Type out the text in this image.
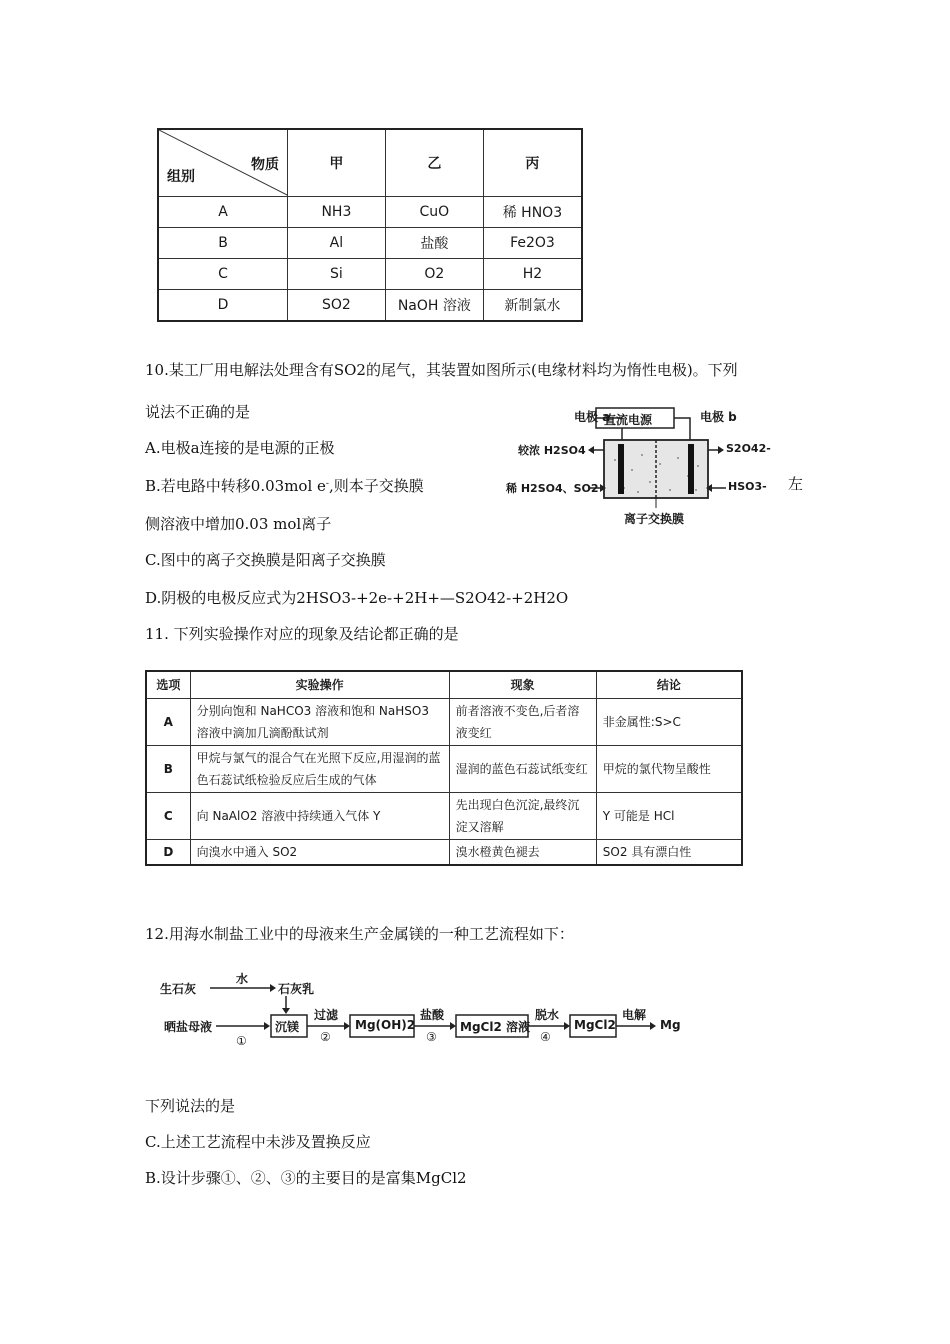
组别
物质	甲	乙	丙
A	NH3	CuO	稀 HNO3
B	Al	盐酸	Fe2O3
C	Si	O2	H2
D	SO2	NaOH 溶液	新制氯水
10.某工厂用电解法处理含有SO2的尾气，其装置如图所示(电缘材料均为惰性电极)。下列
说法不正确的是
A.电极a连接的是电源的正极
B.若电路中转移0.03mol e-,则本子交换膜	左
侧溶液中增加0.03 mol离子
C.图中的离子交换膜是阳离子交换膜
D.阴极的电极反应式为2HSO3-+2e-+2H+—S2O42-+2H2O
电极 a
直流电源	电极 b
较浓 H2SO4
稀 H2SO4、SO2
S2O42-
HSO3-
离子交换膜
11. 下列实验操作对应的现象及结论都正确的是
选项	实验操作	现象	结论
A	分别向饱和 NaHCO3 溶液和饱和 NaHSO3 溶液中滴加几滴酚酞试剂	前者溶液不变色,后者溶液变红	非金属性:S>C
B	甲烷与氯气的混合气在光照下反应,用湿润的蓝色石蕊试纸检验反应后生成的气体	湿润的蓝色石蕊试纸变红	甲烷的氯代物呈酸性
C	向 NaAlO2 溶液中持续通入气体 Y	先出现白色沉淀,最终沉淀又溶解	Y 可能是 HCl
D	向溴水中通入 SO2	溴水橙黄色褪去	SO2 具有漂白性
12.用海水制盐工业中的母液来生产金属镁的一种工艺流程如下：
生石灰
水
石灰乳
晒盐母液
①
沉镁
过滤
②
Mg(OH)2
盐酸
③
MgCl2 溶液
脱水
④
MgCl2
电解
Mg
下列说法的是
C.上述工艺流程中未涉及置换反应
B.设计步骤①、②、③的主要目的是富集MgCl2
